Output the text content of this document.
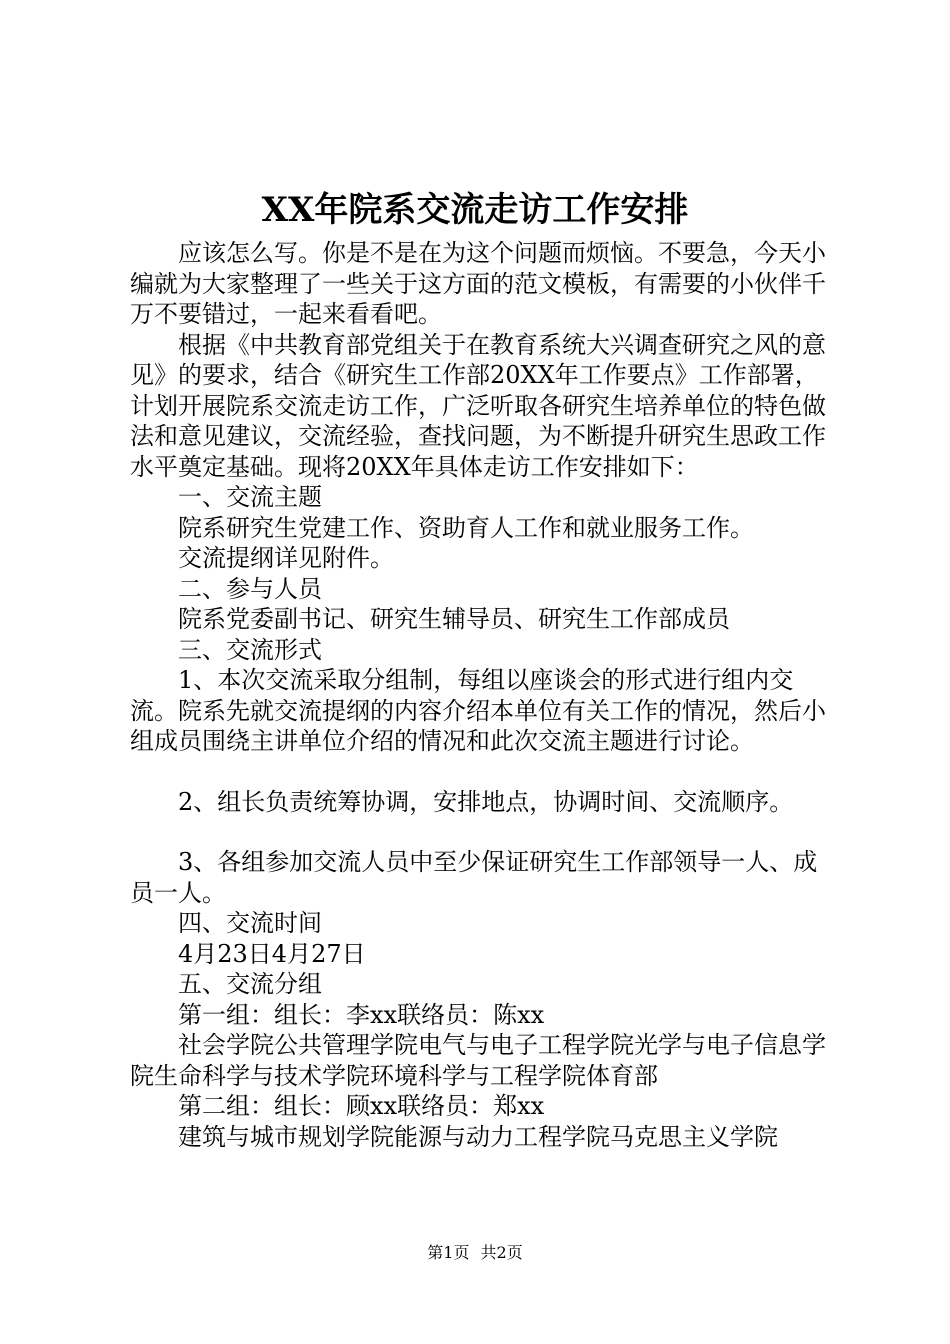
XX年院系交流走访工作安排

应该怎么写。你是不是在为这个问题而烦恼。不要急，今天小编就为大家整理了一些关于这方面的范文模板，有需要的小伙伴千万不要错过，一起来看看吧。

根据《中共教育部党组关于在教育系统大兴调查研究之风的意见》的要求，结合《研究生工作部20XX年工作要点》工作部署，计划开展院系交流走访工作，广泛听取各研究生培养单位的特色做法和意见建议，交流经验，查找问题，为不断提升研究生思政工作水平奠定基础。现将20XX年具体走访工作安排如下：

一、交流主题

院系研究生党建工作、资助育人工作和就业服务工作。

交流提纲详见附件。

二、参与人员

院系党委副书记、研究生辅导员、研究生工作部成员

三、交流形式

1、本次交流采取分组制，每组以座谈会的形式进行组内交流。院系先就交流提纲的内容介绍本单位有关工作的情况，然后小组成员围绕主讲单位介绍的情况和此次交流主题进行讨论。

2、组长负责统筹协调，安排地点，协调时间、交流顺序。

3、各组参加交流人员中至少保证研究生工作部领导一人、成员一人。

四、交流时间

4月23日4月27日

五、交流分组

第一组：组长：李xx联络员：陈xx

社会学院公共管理学院电气与电子工程学院光学与电子信息学院生命科学与技术学院环境科学与工程学院体育部

第二组：组长：顾xx联络员：郑xx

建筑与城市规划学院能源与动力工程学院马克思主义学院

第1页 共2页
